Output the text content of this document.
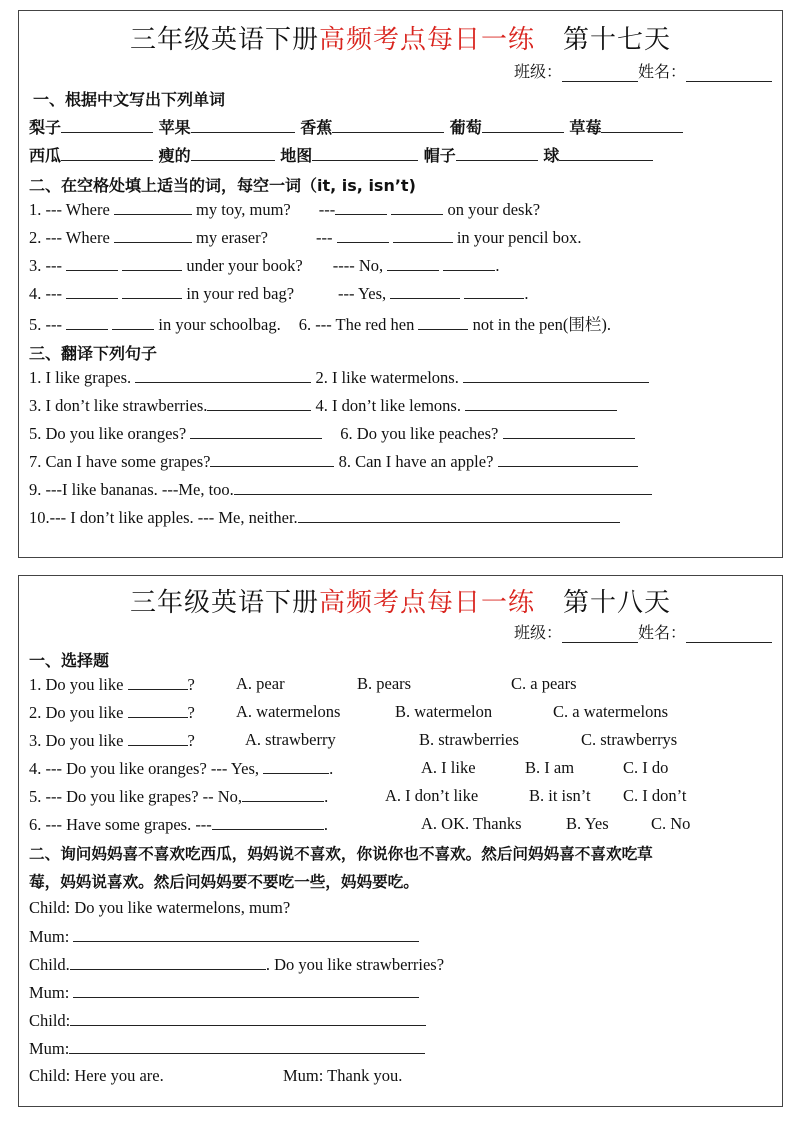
三年级英语下册高频考点每日一练 第十七天
班级：	姓名：
一、根据中文写出下列单词
梨子	苹果	香蕉	葡萄	草莓
西瓜	瘦的	地图	帽子	球
二、在空格处填上适当的词，每空一词（it, is, isn’t)
1. --- Where	my toy, mum? ---	on your desk?
2. --- Where	my eraser?	---	in your pencil box.
3. ---	under your book? ---- No,	.
4. ---	in your red bag?	--- Yes,	.
5. ---	in your schoolbag. 6. --- The red hen	not in the pen(围栏).
三、翻译下列句子
1. I like grapes.	2. I like watermelons.
3. I don’t like strawberries.	4. I don’t like lemons.
5. Do you like oranges?	6. Do you like peaches?
7. Can I have some grapes?	8. Can I have an apple?
9. ---I like bananas. ---Me, too.
10.--- I don’t like apples. --- Me, neither.
三年级英语下册高频考点每日一练 第十八天
班级：	姓名：
一、选择题
1. Do you like	? A. pear	B. pears	C. a pears
2. Do you like	? A. watermelons	B. watermelon	C. a watermelons
3. Do you like	?	A. strawberry	B. strawberries	C. strawberrys
4. --- Do you like oranges? --- Yes,	.	A. I like	B. I am	C. I do
5. --- Do you like grapes? -- No,	.	A. I don’t like	B. it isn’t C. I don’t
6. --- Have some grapes. ---	.	A. OK. Thanks	B. Yes	C. No
二、询问妈妈喜不喜欢吃西瓜，妈妈说不喜欢，你说你也不喜欢。然后问妈妈喜不喜欢吃草
莓，妈妈说喜欢。然后问妈妈要不要吃一些，妈妈要吃。
Child: Do you like watermelons, mum?
Mum:
Child.	. Do you like strawberries?
Mum:
Child:
Mum:
Child: Here you are.	Mum: Thank you.
